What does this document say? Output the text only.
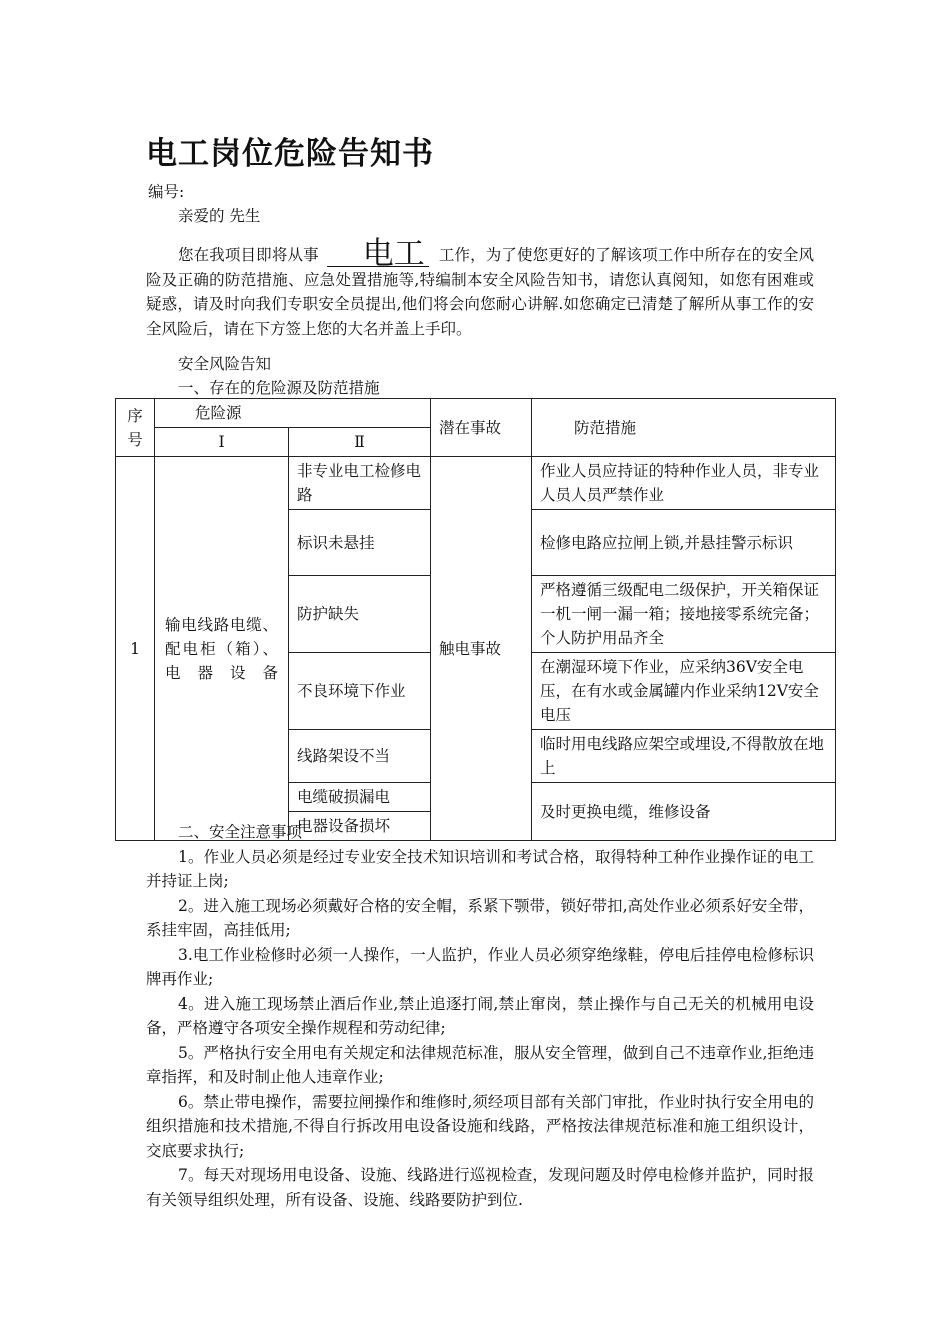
电工岗位危险告知书
编号:
亲爱的 先生
您在我项目即将从事 电工 工作，为了使您更好的了解该项工作中所存在的安全风险及正确的防范措施、应急处置措施等,特编制本安全风险告知书，请您认真阅知，如您有困难或疑惑，请及时向我们专职安全员提出,他们将会向您耐心讲解.如您确定已清楚了解所从事工作的安全风险后，请在下方签上您的大名并盖上手印。
安全风险告知
一、存在的危险源及防范措施
序号	危险源		潜在事故	防范措施
	Ⅰ	Ⅱ		
1	输电线路电缆、配电柜（箱）、电器设备	非专业电工检修电路	触电事故	作业人员应持证的特种作业人员，非专业人员人员严禁作业
		标识未悬挂		检修电路应拉闸上锁,并悬挂警示标识
		防护缺失		严格遵循三级配电二级保护，开关箱保证一机一闸一漏一箱；接地接零系统完备；个人防护用品齐全
		不良环境下作业		在潮湿环境下作业，应采纳36V安全电压，在有水或金属罐内作业采纳12V安全电压
		线路架设不当		临时用电线路应架空或埋设,不得散放在地上
		电缆破损漏电		及时更换电缆，维修设备
		电器设备损坏		
二、安全注意事项

1。作业人员必须是经过专业安全技术知识培训和考试合格，取得特种工种作业操作证的电工并持证上岗;

2。进入施工现场必须戴好合格的安全帽，系紧下颚带，锁好带扣,高处作业必须系好安全带，系挂牢固，高挂低用;

3.电工作业检修时必须一人操作，一人监护，作业人员必须穿绝缘鞋，停电后挂停电检修标识牌再作业;

4。进入施工现场禁止酒后作业,禁止追逐打闹,禁止窜岗，禁止操作与自己无关的机械用电设备，严格遵守各项安全操作规程和劳动纪律;

5。严格执行安全用电有关规定和法律规范标准，服从安全管理，做到自己不违章作业,拒绝违章指挥，和及时制止他人违章作业;

6。禁止带电操作，需要拉闸操作和维修时,须经项目部有关部门审批，作业时执行安全用电的组织措施和技术措施,不得自行拆改用电设备设施和线路，严格按法律规范标准和施工组织设计，交底要求执行;

7。每天对现场用电设备、设施、线路进行巡视检查，发现问题及时停电检修并监护，同时报有关领导组织处理，所有设备、设施、线路要防护到位.
